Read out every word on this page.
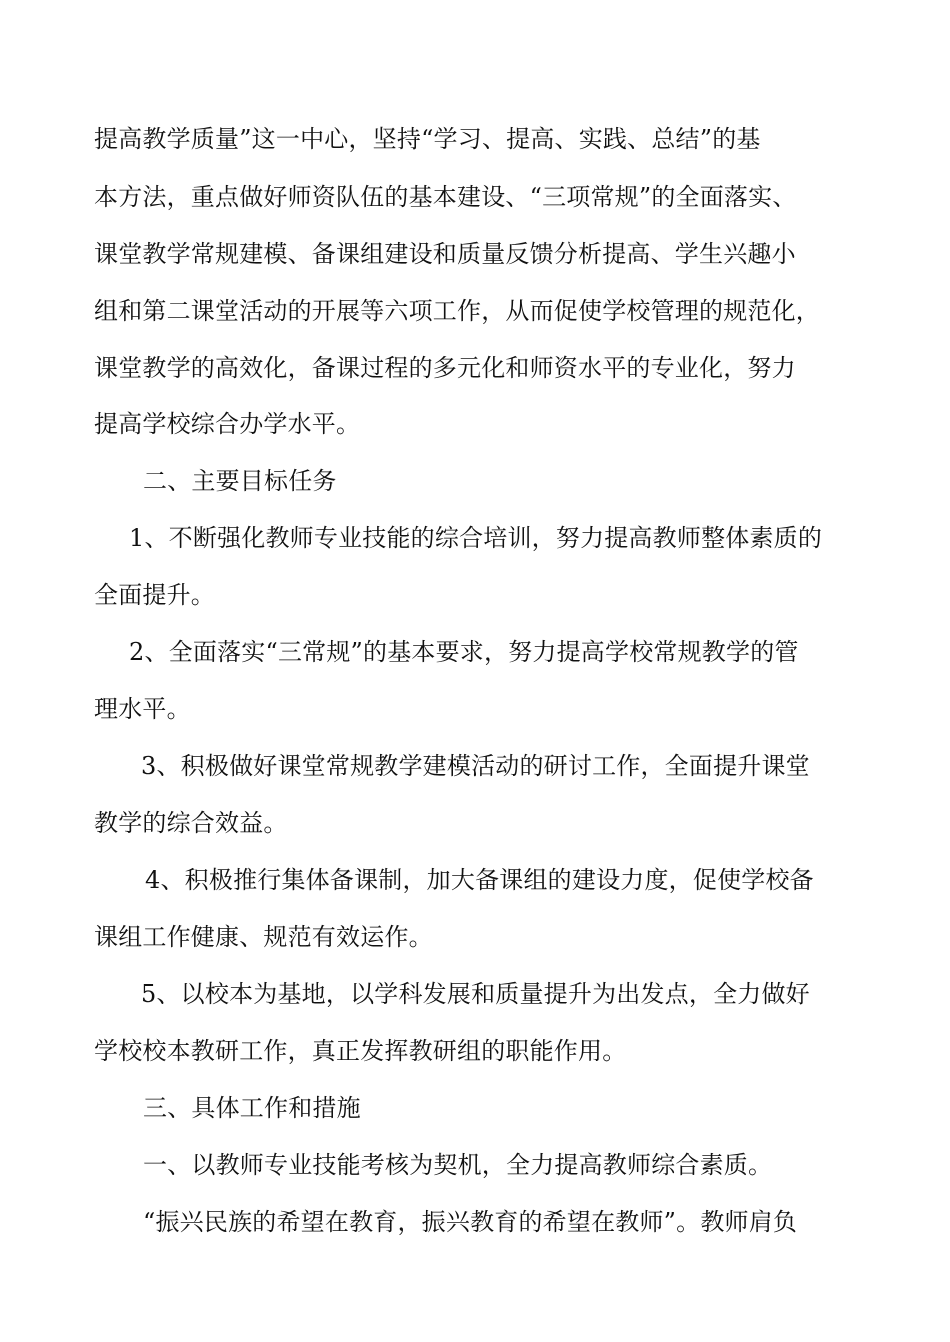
提高教学质量”这一中心，坚持“学习、提高、实践、总结”的基
本方法，重点做好师资队伍的基本建设、“三项常规”的全面落实、
课堂教学常规建模、备课组建设和质量反馈分析提高、学生兴趣小
组和第二课堂活动的开展等六项工作，从而促使学校管理的规范化，
课堂教学的高效化，备课过程的多元化和师资水平的专业化，努力
提高学校综合办学水平。
二、主要目标任务
1、不断强化教师专业技能的综合培训，努力提高教师整体素质的
全面提升。
2、全面落实“三常规”的基本要求，努力提高学校常规教学的管
理水平。
3、积极做好课堂常规教学建模活动的研讨工作，全面提升课堂
教学的综合效益。
4、积极推行集体备课制，加大备课组的建设力度，促使学校备
课组工作健康、规范有效运作。
5、以校本为基地，以学科发展和质量提升为出发点，全力做好
学校校本教研工作，真正发挥教研组的职能作用。
三、具体工作和措施
一、以教师专业技能考核为契机，全力提高教师综合素质。
“振兴民族的希望在教育，振兴教育的希望在教师”。教师肩负
